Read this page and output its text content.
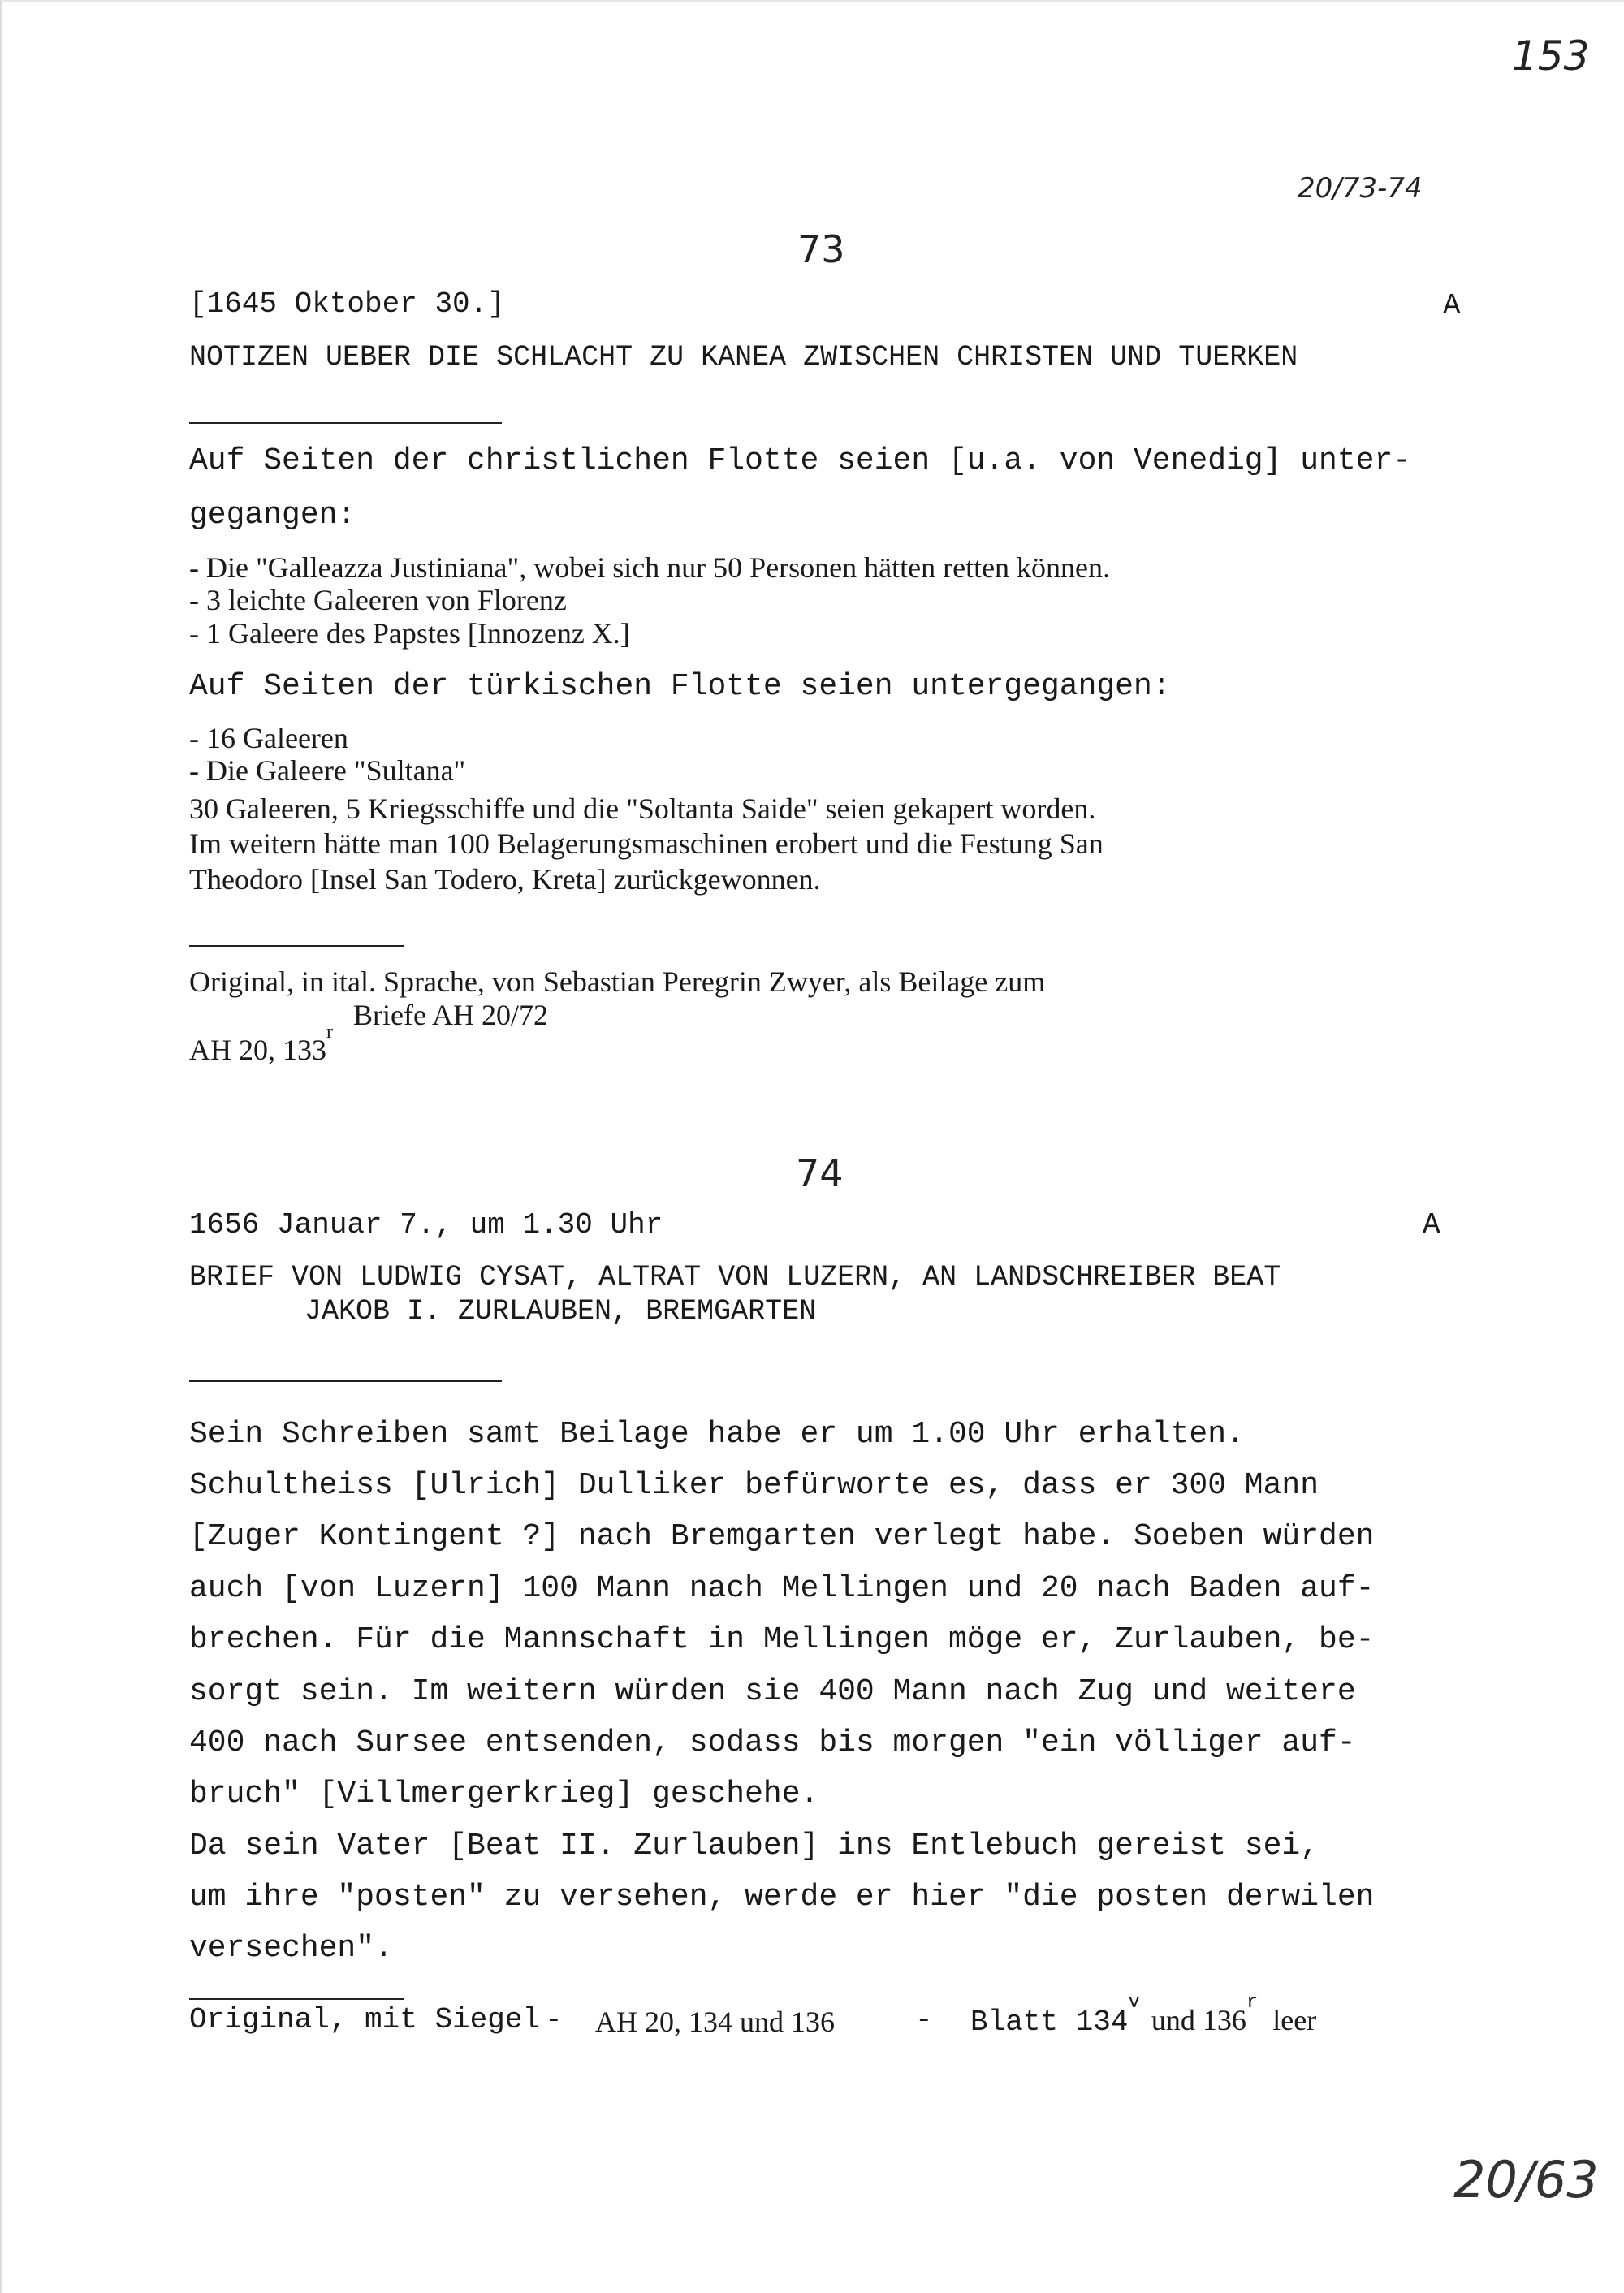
153
20/73-74
20/63
73
[1645 Oktober 30.]	A
NOTIZEN UEBER DIE SCHLACHT ZU KANEA ZWISCHEN CHRISTEN UND TUERKEN
Auf Seiten der christlichen Flotte seien [u.a. von Venedig] unter-
gegangen:
- Die "Galleazza Justiniana", wobei sich nur 50 Personen hätten retten können.
- 3 leichte Galeeren von Florenz
- 1 Galeere des Papstes [Innozenz X.]
Auf Seiten der türkischen Flotte seien untergegangen:
- 16 Galeeren
- Die Galeere "Sultana"
30 Galeeren, 5 Kriegsschiffe und die "Soltanta Saide" seien gekapert worden.
Im weitern hätte man 100 Belagerungsmaschinen erobert und die Festung San
Theodoro [Insel San Todero, Kreta] zurückgewonnen.
Original, in ital. Sprache, von Sebastian Peregrin Zwyer, als Beilage zum
Briefe AH 20/72
AH 20, 133$^r$
74
1656 Januar 7., um 1.30 Uhr	A
BRIEF VON LUDWIG CYSAT, ALTRAT VON LUZERN, AN LANDSCHREIBER BEAT
JAKOB I. ZURLAUBEN, BREMGARTEN
Sein Schreiben samt Beilage habe er um 1.00 Uhr erhalten.
Schultheiss [Ulrich] Dulliker befürworte es, dass er 300 Mann
[Zuger Kontingent ?] nach Bremgarten verlegt habe. Soeben würden
auch [von Luzern] 100 Mann nach Mellingen und 20 nach Baden auf-
brechen. Für die Mannschaft in Mellingen möge er, Zurlauben, be-
sorgt sein. Im weitern würden sie 400 Mann nach Zug und weitere
400 nach Sursee entsenden, sodass bis morgen "ein völliger auf-
bruch" [Villmergerkrieg] geschehe.
Da sein Vater [Beat II. Zurlauben] ins Entlebuch gereist sei,
um ihre "posten" zu versehen, werde er hier "die posten derwilen
versechen".
Original, mit Siegel - AH 20, 134 und 136	- Blatt 134$^v$und 136$^r$leer
